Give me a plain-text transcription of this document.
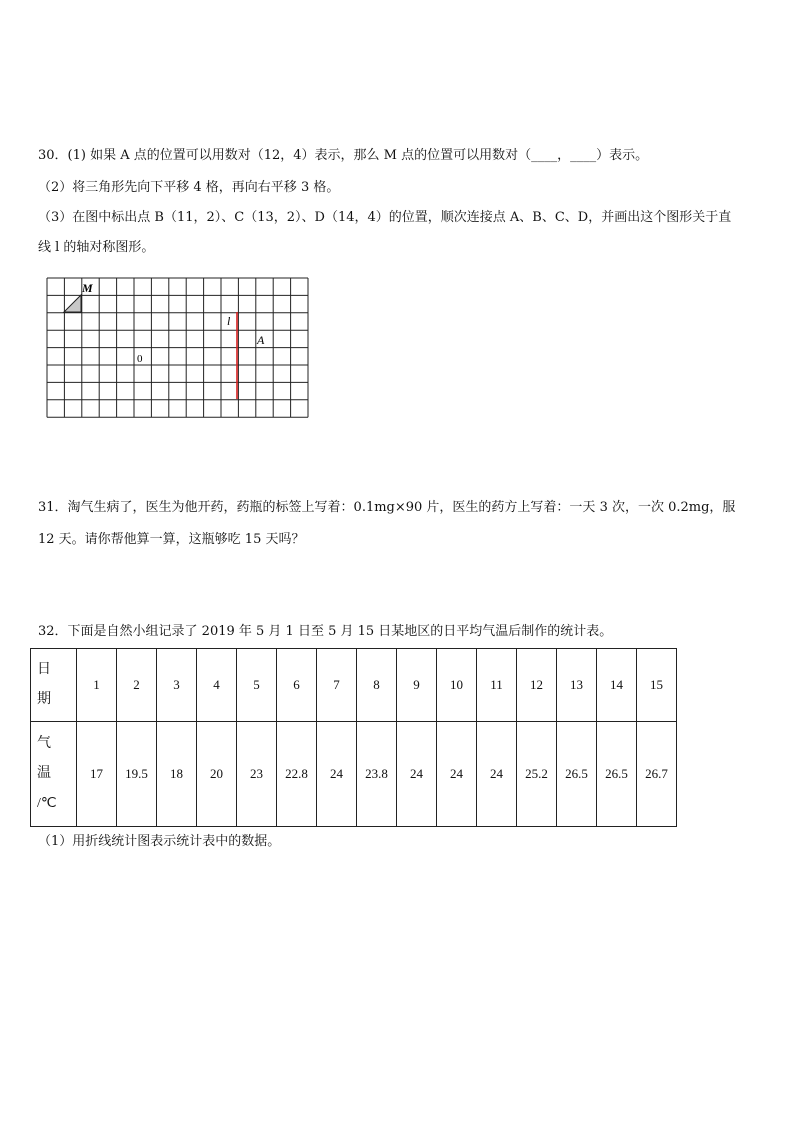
30．(1) 如果 A 点的位置可以用数对（12，4）表示，那么 M 点的位置可以用数对（____，____）表示。
（2）将三角形先向下平移 4 格，再向右平移 3 格。
（3）在图中标出点 B（11，2）、C（13，2）、D（14，4）的位置，顺次连接点 A、B、C、D，并画出这个图形关于直
线 l 的轴对称图形。
M
l
A
0
31．淘气生病了，医生为他开药，药瓶的标签上写着：0.1mg×90 片，医生的药方上写着：一天 3 次，一次 0.2mg，服
12 天。请你帮他算一算，这瓶够吃 15 天吗？
32．下面是自然小组记录了 2019 年 5 月 1 日至 5 月 15 日某地区的日平均气温后制作的统计表。
日
期	1	2	3	4	5	6	7	8	9	10	11	12	13	14	15

气
温
/℃	17	19.5	18	20	23	22.8	24	23.8	24	24	24	25.2	26.5	26.5	26.7
（1）用折线统计图表示统计表中的数据。
